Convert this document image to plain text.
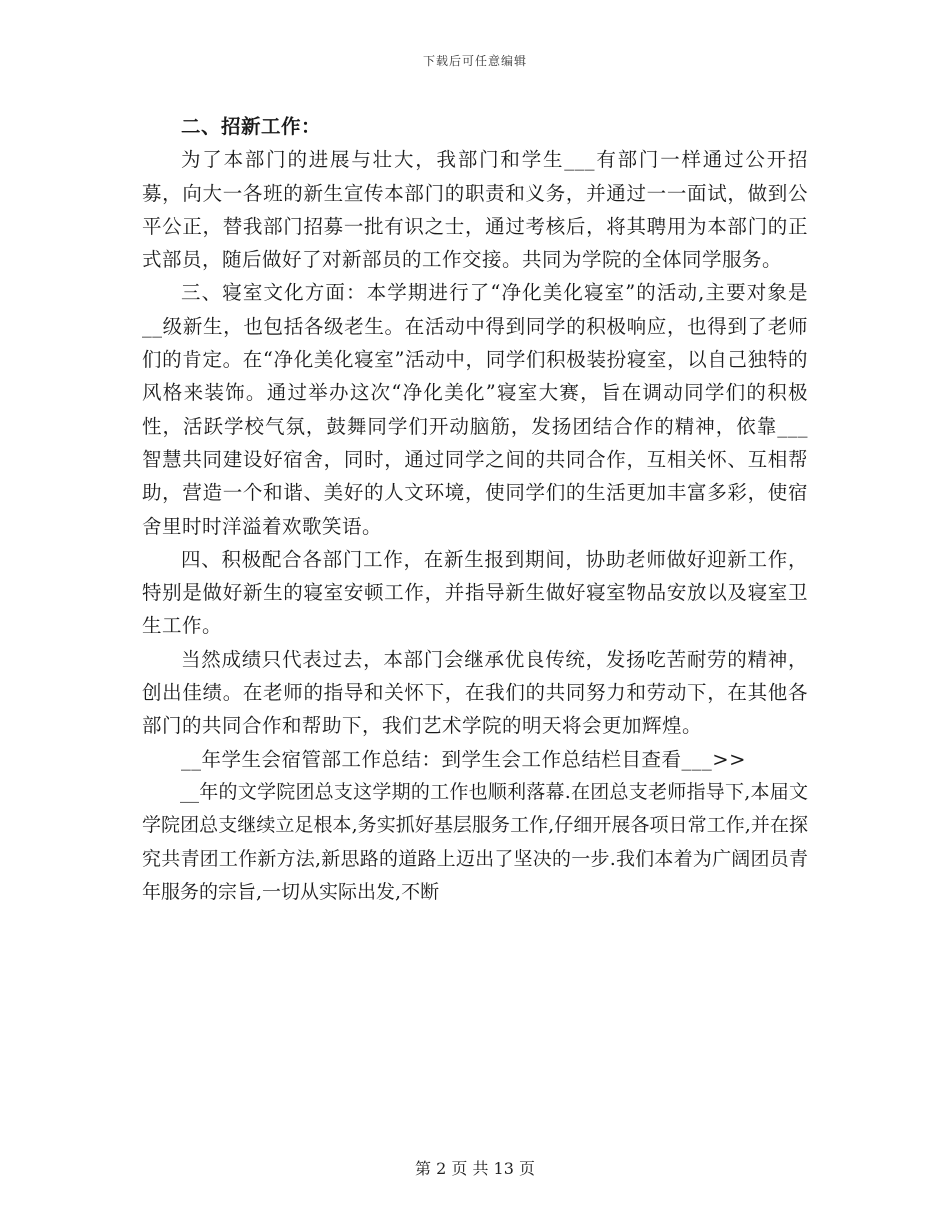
下载后可任意编辑

二、招新工作：

为了本部门的进展与壮大，我部门和学生___有部门一样通过公开招募，向大一各班的新生宣传本部门的职责和义务，并通过一一面试，做到公平公正，替我部门招募一批有识之士，通过考核后，将其聘用为本部门的正式部员，随后做好了对新部员的工作交接。共同为学院的全体同学服务。

三、寝室文化方面：本学期进行了“净化美化寝室”的活动,主要对象是__级新生，也包括各级老生。在活动中得到同学的积极响应，也得到了老师们的肯定。在“净化美化寝室”活动中，同学们积极装扮寝室，以自己独特的风格来装饰。通过举办这次“净化美化”寝室大赛，旨在调动同学们的积极性，活跃学校气氛，鼓舞同学们开动脑筋，发扬团结合作的精神，依靠___智慧共同建设好宿舍，同时，通过同学之间的共同合作，互相关怀、互相帮助，营造一个和谐、美好的人文环境，使同学们的生活更加丰富多彩，使宿舍里时时洋溢着欢歌笑语。

四、积极配合各部门工作，在新生报到期间，协助老师做好迎新工作，特别是做好新生的寝室安顿工作，并指导新生做好寝室物品安放以及寝室卫生工作。

当然成绩只代表过去，本部门会继承优良传统，发扬吃苦耐劳的精神，创出佳绩。在老师的指导和关怀下，在我们的共同努力和劳动下，在其他各部门的共同合作和帮助下，我们艺术学院的明天将会更加辉煌。

__年学生会宿管部工作总结：到学生会工作总结栏目查看___>>

__年的文学院团总支这学期的工作也顺利落幕.在团总支老师指导下,本届文学院团总支继续立足根本,务实抓好基层服务工作,仔细开展各项日常工作,并在探究共青团工作新方法,新思路的道路上迈出了坚决的一步.我们本着为广阔团员青年服务的宗旨,一切从实际出发,不断

第 2 页 共 13 页
